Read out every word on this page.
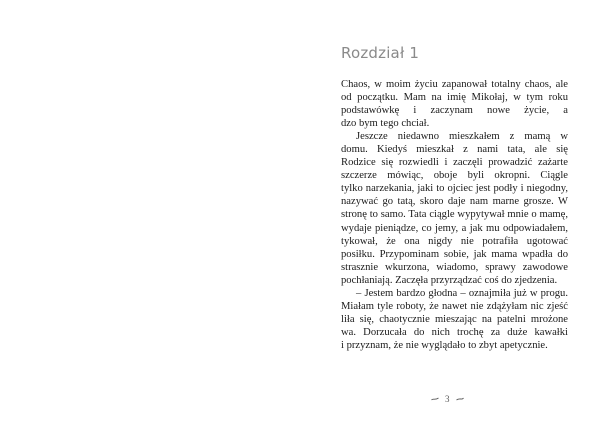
Rozdział 1
Chaos, w moim życiu zapanował totalny chaos, ale
od początku. Mam na imię Mikołaj, w tym roku
podstawówkę i zaczynam nowe życie, a
dzo bym tego chciał.
Jeszcze niedawno mieszkałem z mamą w
domu. Kiedyś mieszkał z nami tata, ale się
Rodzice się rozwiedli i zaczęli prowadzić zażarte
szczerze mówiąc, oboje byli okropni. Ciągle
tylko narzekania, jaki to ojciec jest podły i niegodny,
nazywać go tatą, skoro daje nam marne grosze. W
stronę to samo. Tata ciągle wypytywał mnie o mamę,
wydaje pieniądze, co jemy, a jak mu odpowiadałem,
tykował, że ona nigdy nie potrafiła ugotować
posiłku. Przypominam sobie, jak mama wpadła do
strasznie wkurzona, wiadomo, sprawy zawodowe
pochłaniają. Zaczęła przyrządzać coś do zjedzenia.
– Jestem bardzo głodna – oznajmiła już w progu.
Miałam tyle roboty, że nawet nie zdążyłam nic zjeść
liła się, chaotycznie mieszając na patelni mrożone
wa. Dorzucała do nich trochę za duże kawałki
i przyznam, że nie wyglądało to zbyt apetycznie.
3
